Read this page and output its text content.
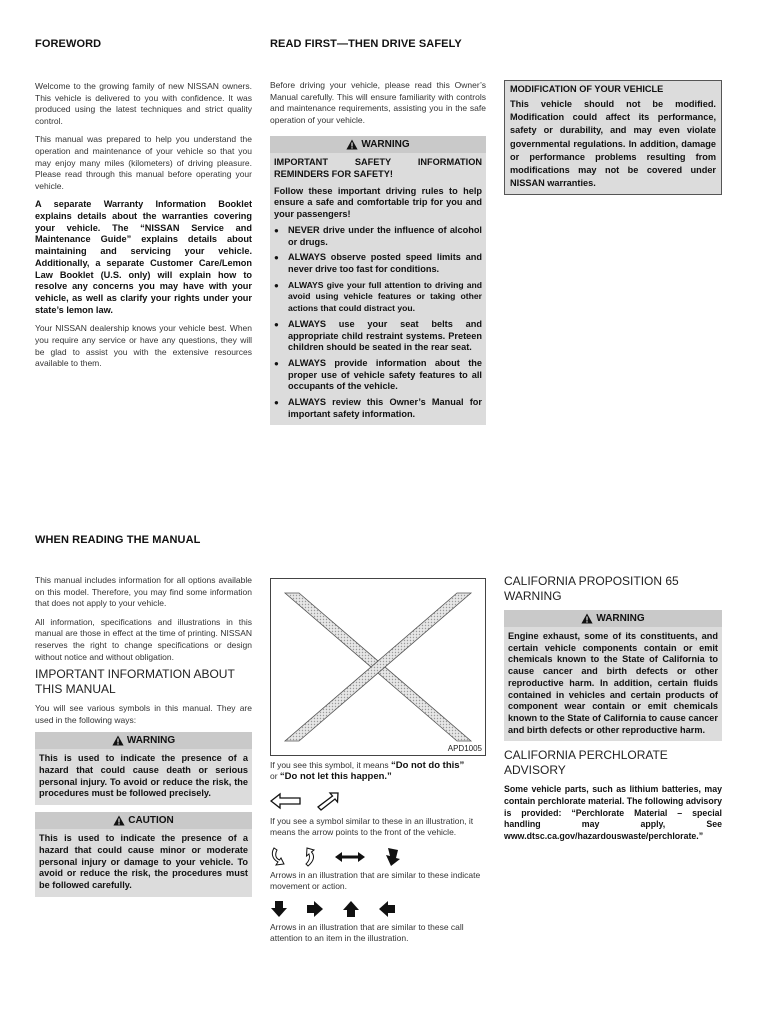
FOREWORD

Welcome to the growing family of new NISSAN owners. This vehicle is delivered to you with confidence. It was produced using the latest techniques and strict quality control.

This manual was prepared to help you understand the operation and maintenance of your vehicle so that you may enjoy many miles (kilometers) of driving pleasure. Please read through this manual before operating your vehicle.

A separate Warranty Information Booklet explains details about the warranties covering your vehicle. The “NISSAN Service and Maintenance Guide” explains details about maintaining and servicing your vehicle. Additionally, a separate Customer Care/Lemon Law Booklet (U.S. only) will explain how to resolve any concerns you may have with your vehicle, as well as clarify your rights under your state’s lemon law.

Your NISSAN dealership knows your vehicle best. When you require any service or have any questions, they will be glad to assist you with the extensive resources available to them.

READ FIRST—THEN DRIVE SAFELY

Before driving your vehicle, please read this Owner’s Manual carefully. This will ensure familiarity with controls and maintenance requirements, assisting you in the safe operation of your vehicle.

WARNING
IMPORTANT SAFETY INFORMATION REMINDERS FOR SAFETY!
Follow these important driving rules to help ensure a safe and comfortable trip for you and your passengers!
● NEVER drive under the influence of alcohol or drugs.
● ALWAYS observe posted speed limits and never drive too fast for conditions.
● ALWAYS give your full attention to driving and avoid using vehicle features or taking other actions that could distract you.
● ALWAYS use your seat belts and appropriate child restraint systems. Preteen children should be seated in the rear seat.
● ALWAYS provide information about the proper use of vehicle safety features to all occupants of the vehicle.
● ALWAYS review this Owner’s Manual for important safety information.
MODIFICATION OF YOUR VEHICLE
This vehicle should not be modified. Modification could affect its performance, safety or durability, and may even violate governmental regulations. In addition, damage or performance problems resulting from modifications may not be covered under NISSAN warranties.
WHEN READING THE MANUAL

This manual includes information for all options available on this model. Therefore, you may find some information that does not apply to your vehicle.

All information, specifications and illustrations in this manual are those in effect at the time of printing. NISSAN reserves the right to change specifications or design without notice and without obligation.

IMPORTANT INFORMATION ABOUT THIS MANUAL

You will see various symbols in this manual. They are used in the following ways:

WARNING
This is used to indicate the presence of a hazard that could cause death or serious personal injury. To avoid or reduce the risk, the procedures must be followed precisely.
CAUTION
This is used to indicate the presence of a hazard that could cause minor or moderate personal injury or damage to your vehicle. To avoid or reduce the risk, the procedures must be followed carefully.
APD1005
If you see this symbol, it means “Do not do this”
or “Do not let this happen.”
If you see a symbol similar to these in an illustration, it means the arrow points to the front of the vehicle.
Arrows in an illustration that are similar to these indicate movement or action.
Arrows in an illustration that are similar to these call attention to an item in the illustration.
CALIFORNIA PROPOSITION 65 WARNING
WARNING
Engine exhaust, some of its constituents, and certain vehicle components contain or emit chemicals known to the State of California to cause cancer and birth defects or other reproductive harm. In addition, certain fluids contained in vehicles and certain products of component wear contain or emit chemicals known to the State of California to cause cancer and birth defects or other reproductive harm.
CALIFORNIA PERCHLORATE ADVISORY

Some vehicle parts, such as lithium batteries, may contain perchlorate material. The following advisory is provided: “Perchlorate Material – special handling may apply, See www.dtsc.ca.gov/hazardouswaste/perchlorate.”
